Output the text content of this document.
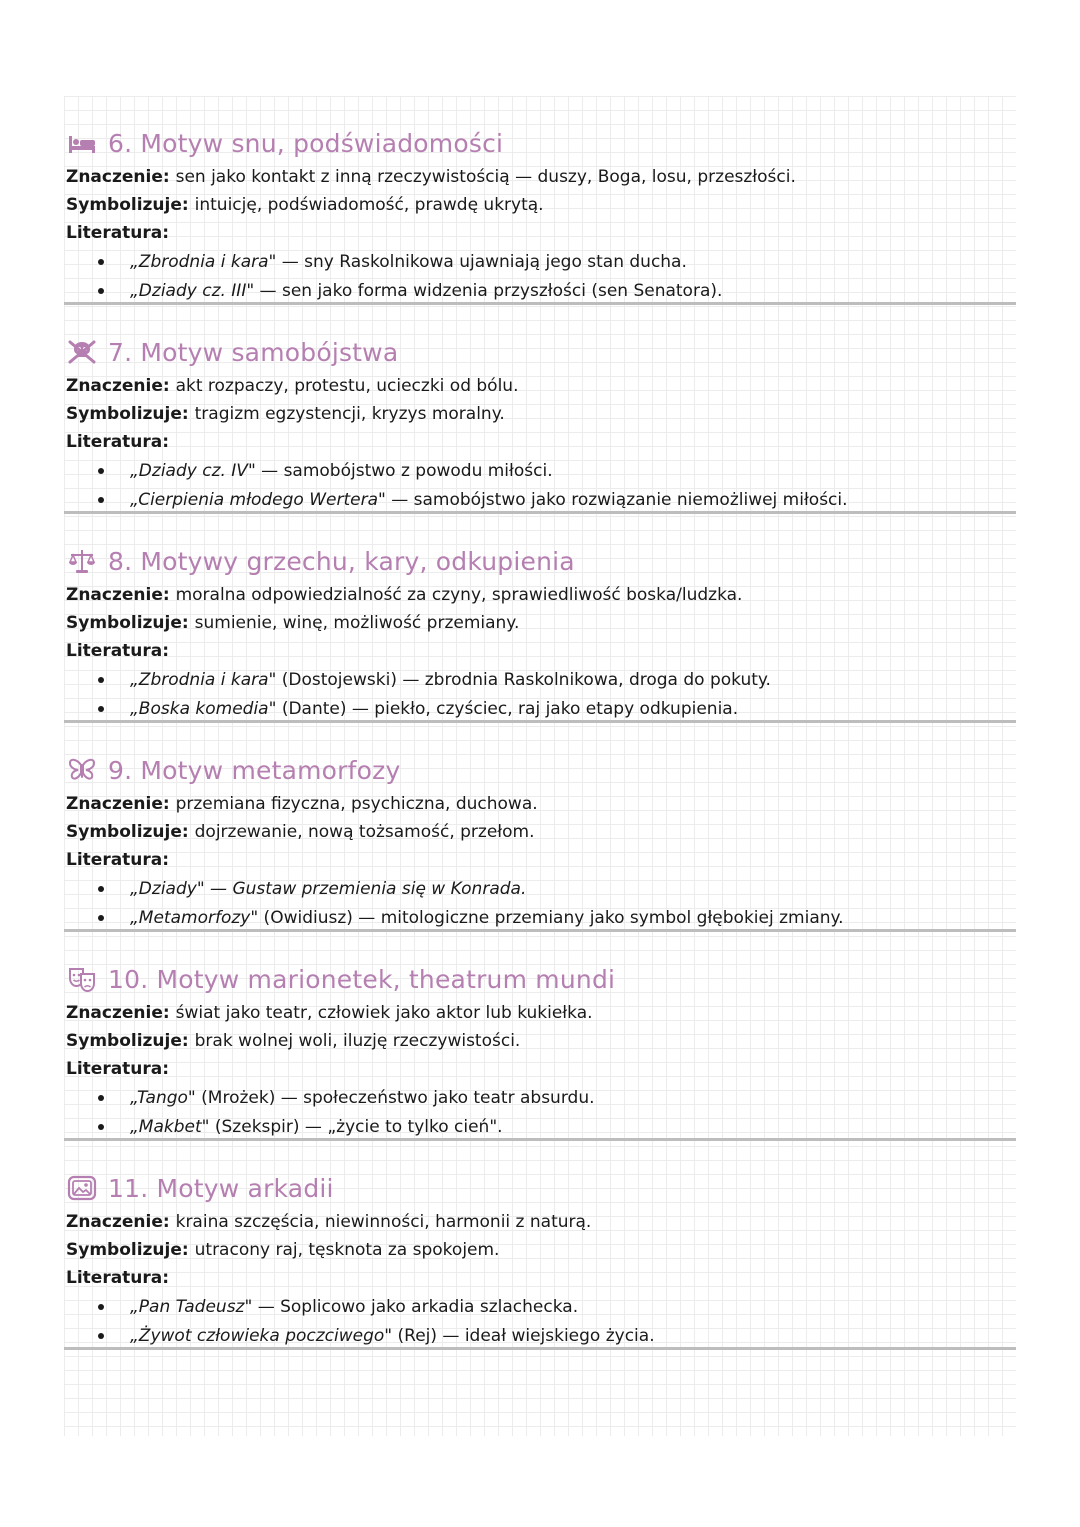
6. Motyw snu, podświadomości
Znaczenie: sen jako kontakt z inną rzeczywistością — duszy, Boga, losu, przeszłości.
Symbolizuje: intuicję, podświadomość, prawdę ukrytą.
Literatura:
„Zbrodnia i kara" — sny Raskolnikowa ujawniają jego stan ducha.
„Dziady cz. III" — sen jako forma widzenia przyszłości (sen Senatora).
7. Motyw samobójstwa
Znaczenie: akt rozpaczy, protestu, ucieczki od bólu.
Symbolizuje: tragizm egzystencji, kryzys moralny.
Literatura:
„Dziady cz. IV" — samobójstwo z powodu miłości.
„Cierpienia młodego Wertera" — samobójstwo jako rozwiązanie niemożliwej miłości.
8. Motywy grzechu, kary, odkupienia
Znaczenie: moralna odpowiedzialność za czyny, sprawiedliwość boska/ludzka.
Symbolizuje: sumienie, winę, możliwość przemiany.
Literatura:
„Zbrodnia i kara" (Dostojewski) — zbrodnia Raskolnikowa, droga do pokuty.
„Boska komedia" (Dante) — piekło, czyściec, raj jako etapy odkupienia.
9. Motyw metamorfozy
Znaczenie: przemiana fizyczna, psychiczna, duchowa.
Symbolizuje: dojrzewanie, nową tożsamość, przełom.
Literatura:
„Dziady" — Gustaw przemienia się w Konrada.
„Metamorfozy" (Owidiusz) — mitologiczne przemiany jako symbol głębokiej zmiany.
10. Motyw marionetek, theatrum mundi
Znaczenie: świat jako teatr, człowiek jako aktor lub kukiełka.
Symbolizuje: brak wolnej woli, iluzję rzeczywistości.
Literatura:
„Tango" (Mrożek) — społeczeństwo jako teatr absurdu.
„Makbet" (Szekspir) — „życie to tylko cień".
11. Motyw arkadii
Znaczenie: kraina szczęścia, niewinności, harmonii z naturą.
Symbolizuje: utracony raj, tęsknota za spokojem.
Literatura:
„Pan Tadeusz" — Soplicowo jako arkadia szlachecka.
„Żywot człowieka poczciwego" (Rej) — ideał wiejskiego życia.
